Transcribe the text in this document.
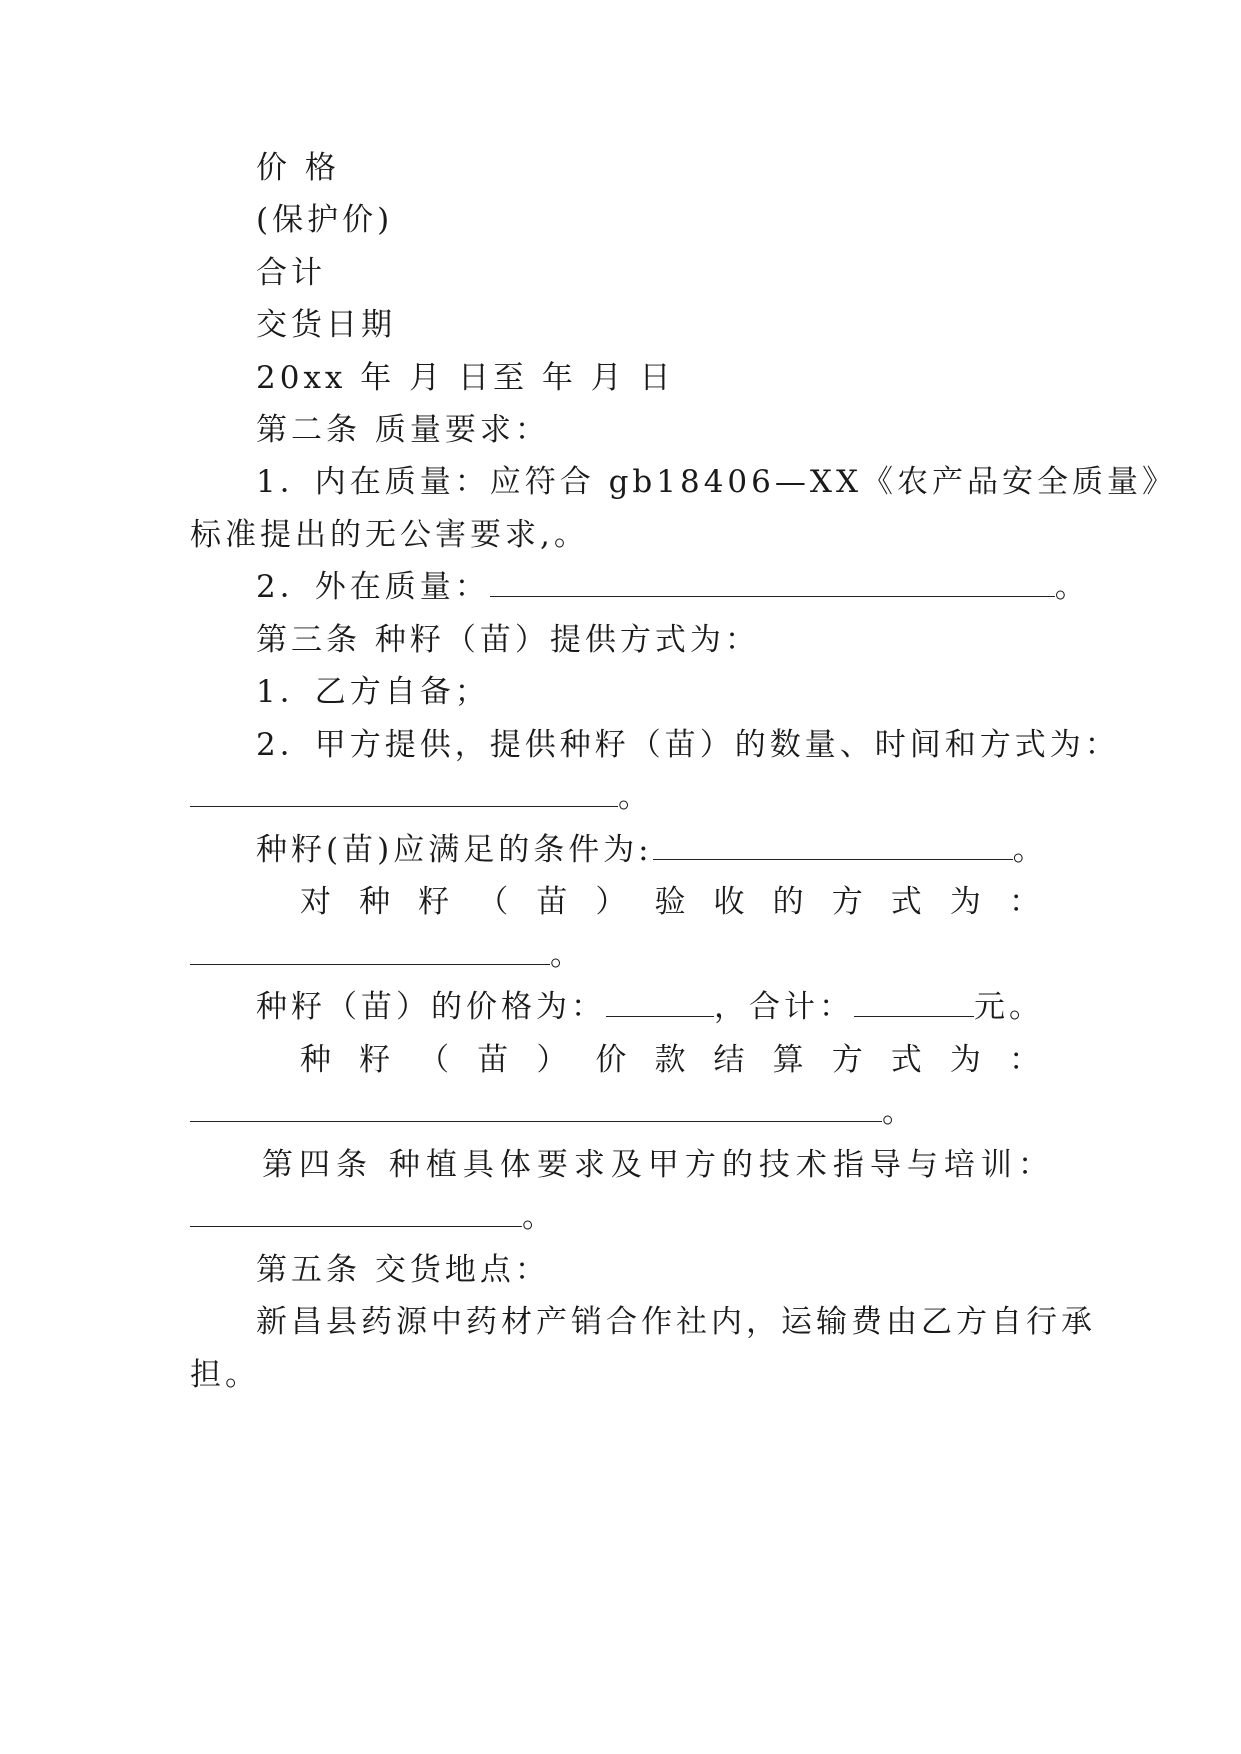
价 格
(保护价)
合计
交货日期
20xx 年 月 日至 年 月 日
第二条 质量要求：
1．内在质量：应符合 gb18406—XX《农产品安全质量》
标准提出的无公害要求,。
2．外在质量：	。
第三条 种籽（苗）提供方式为：
1．乙方自备；
2．甲方提供，提供种籽（苗）的数量、时间和方式为：
。
种籽(苗)应满足的条件为:	。
对 种 籽 （ 苗 ） 验 收 的 方 式 为 ：
。
种籽（苗）的价格为：	，合计：	元。
种 籽 （ 苗 ） 价 款 结 算 方 式 为 ：
。
第四条 种植具体要求及甲方的技术指导与培训：
。
第五条 交货地点：
新昌县药源中药材产销合作社内，运输费由乙方自行承
担。
